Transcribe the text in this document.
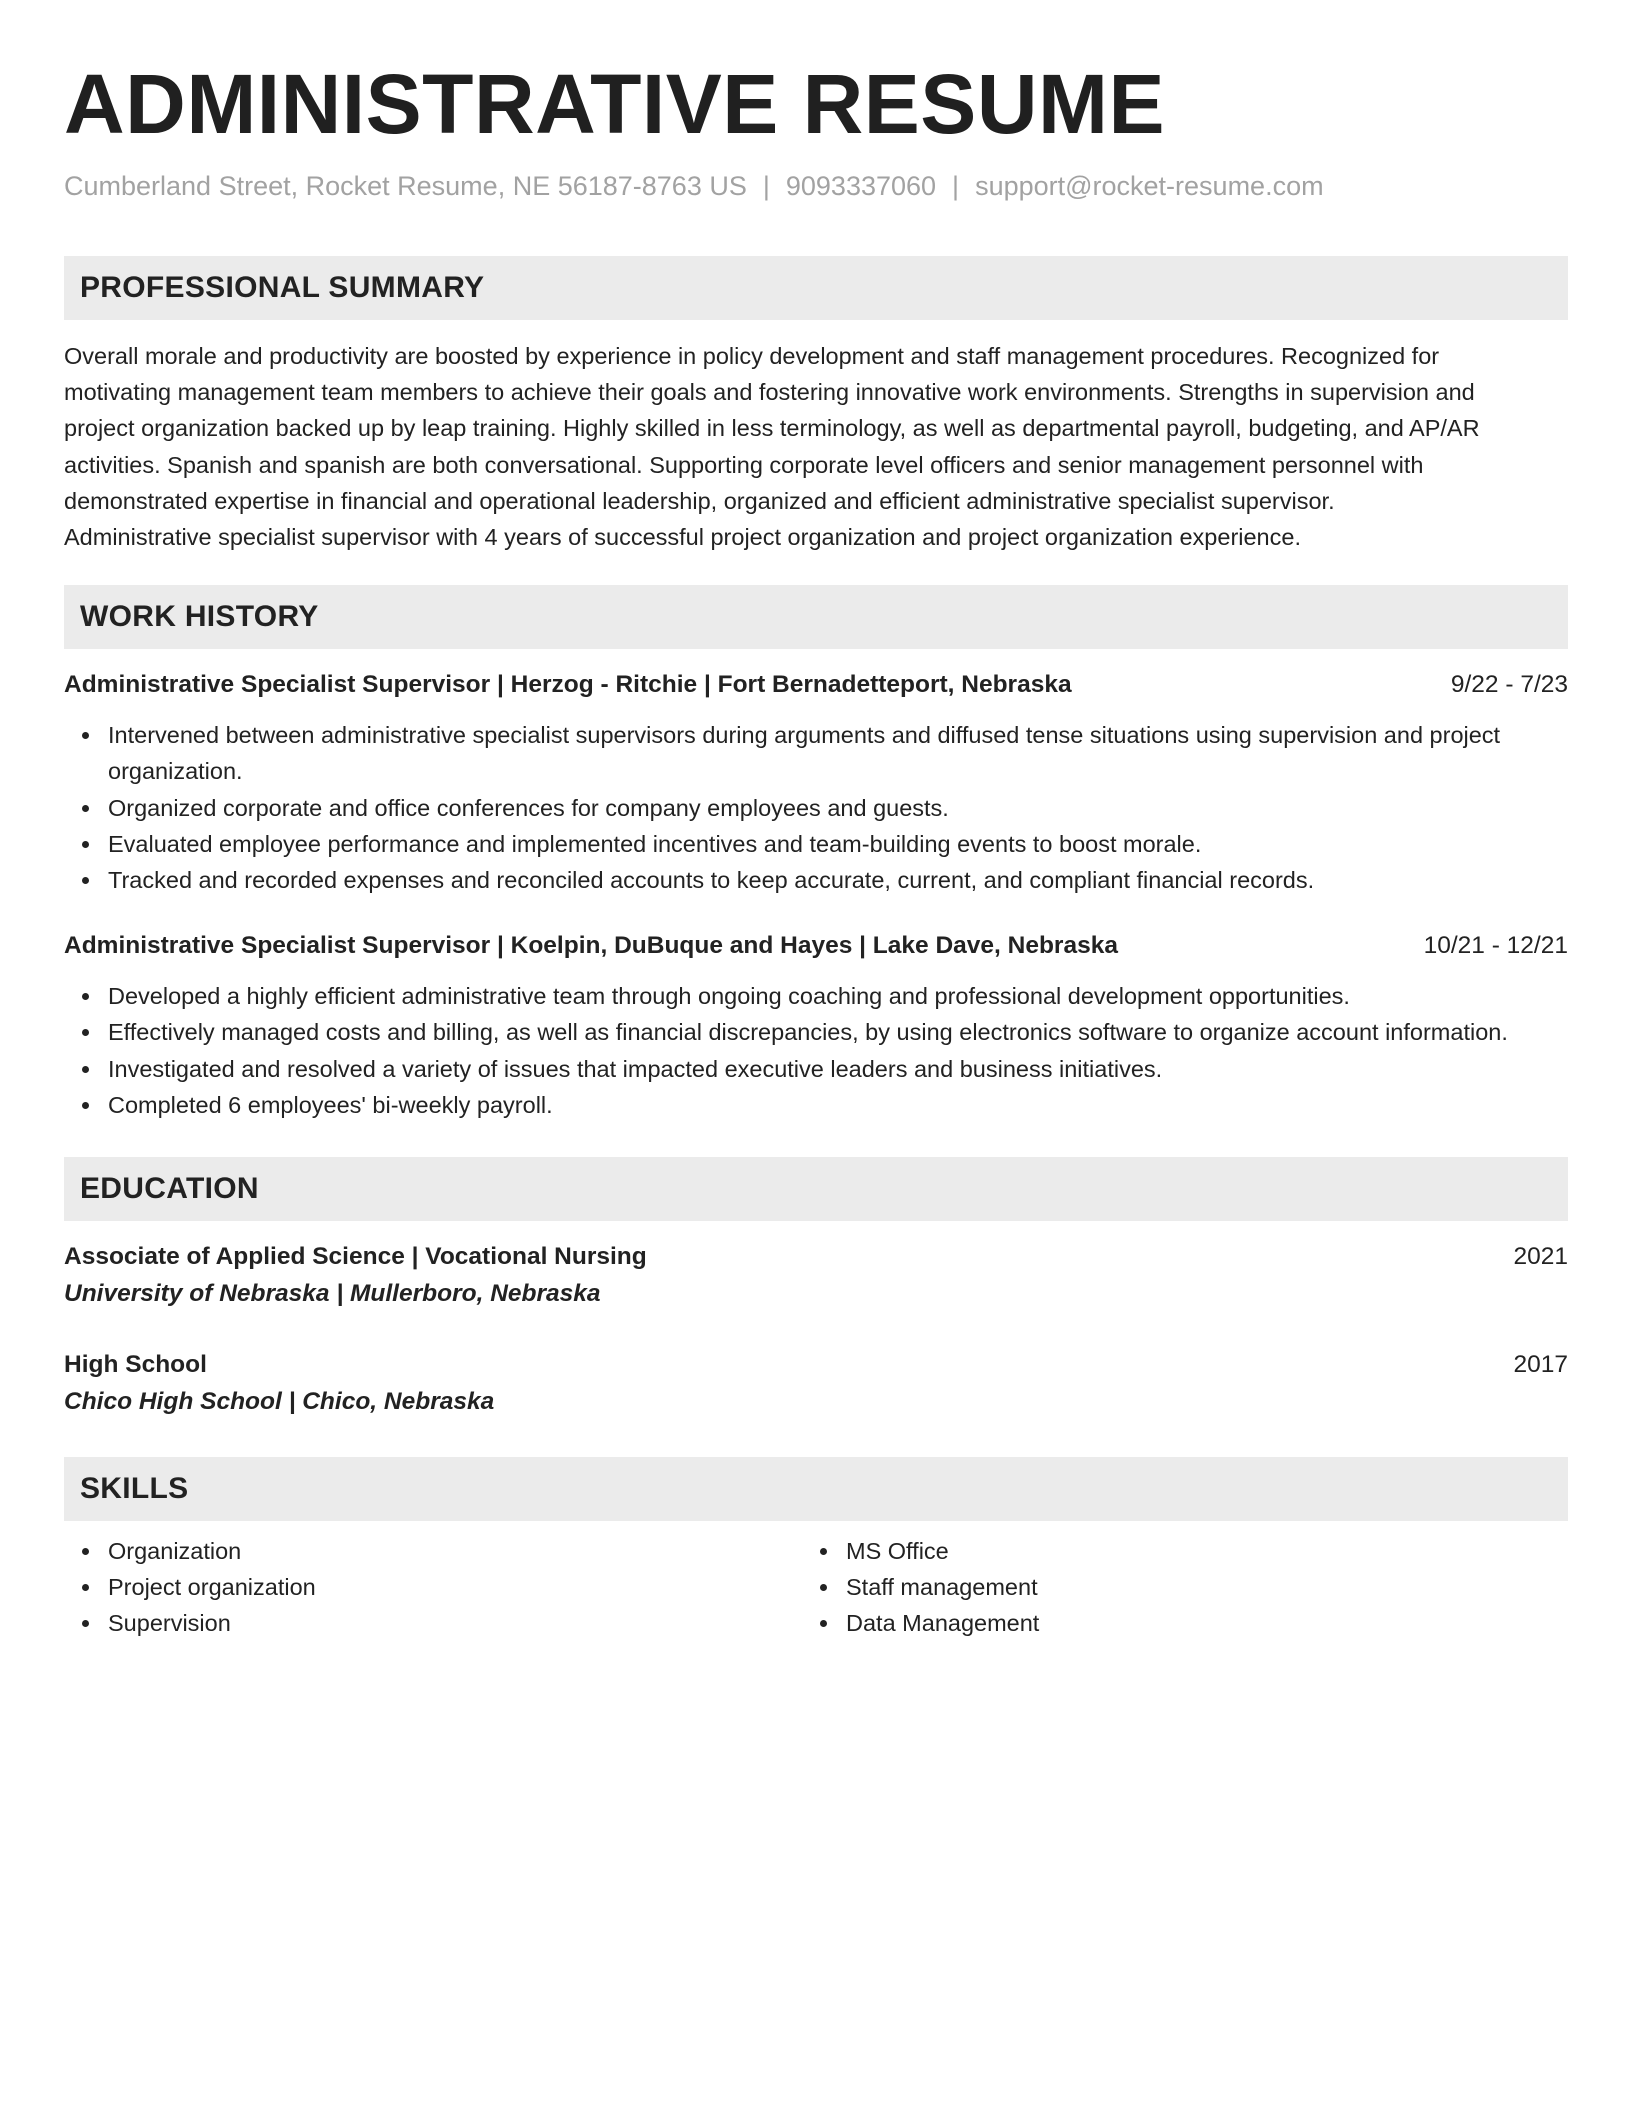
ADMINISTRATIVE RESUME
Cumberland Street, Rocket Resume, NE 56187-8763 US | 9093337060 | support@rocket-resume.com
PROFESSIONAL SUMMARY
Overall morale and productivity are boosted by experience in policy development and staff management procedures. Recognized for
motivating management team members to achieve their goals and fostering innovative work environments. Strengths in supervision and
project organization backed up by leap training. Highly skilled in less terminology, as well as departmental payroll, budgeting, and AP/AR
activities. Spanish and spanish are both conversational. Supporting corporate level officers and senior management personnel with
demonstrated expertise in financial and operational leadership, organized and efficient administrative specialist supervisor.
Administrative specialist supervisor with 4 years of successful project organization and project organization experience.
WORK HISTORY
Administrative Specialist Supervisor | Herzog - Ritchie | Fort Bernadetteport, Nebraska	9/22 - 7/23
Intervened between administrative specialist supervisors during arguments and diffused tense situations using supervision and project organization.
Organized corporate and office conferences for company employees and guests.
Evaluated employee performance and implemented incentives and team-building events to boost morale.
Tracked and recorded expenses and reconciled accounts to keep accurate, current, and compliant financial records.
Administrative Specialist Supervisor | Koelpin, DuBuque and Hayes | Lake Dave, Nebraska	10/21 - 12/21
Developed a highly efficient administrative team through ongoing coaching and professional development opportunities.
Effectively managed costs and billing, as well as financial discrepancies, by using electronics software to organize account information.
Investigated and resolved a variety of issues that impacted executive leaders and business initiatives.
Completed 6 employees' bi-weekly payroll.
EDUCATION
Associate of Applied Science | Vocational Nursing	2021
University of Nebraska | Mullerboro, Nebraska
High School	2017
Chico High School | Chico, Nebraska
SKILLS
Organization
Project organization
Supervision
MS Office
Staff management
Data Management
